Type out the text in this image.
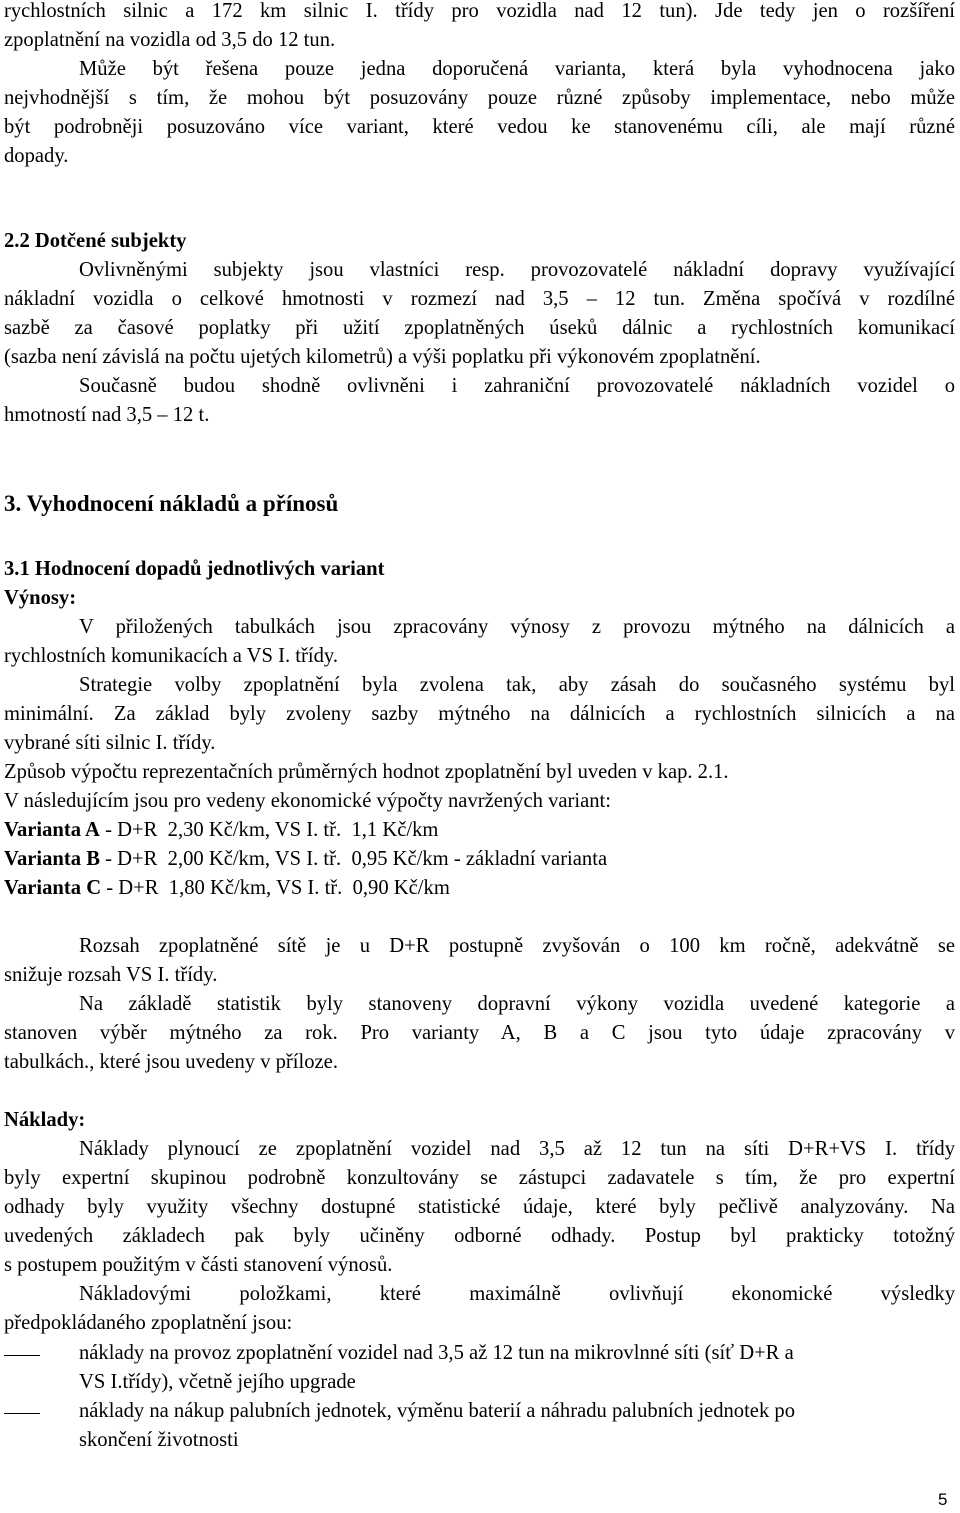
rychlostních silnic a 172 km silnic I. třídy pro vozidla nad 12 tun). Jde tedy jen o rozšíření
zpoplatnění na vozidla od 3,5 do 12 tun.
Může být řešena pouze jedna doporučená varianta, která byla vyhodnocena jako
nejvhodnější s tím, že mohou být posuzovány pouze různé způsoby implementace, nebo může
být podrobněji posuzováno více variant, které vedou ke stanovenému cíli, ale mají různé
dopady.
2.2 Dotčené subjekty
Ovlivněnými subjekty jsou vlastníci resp. provozovatelé nákladní dopravy využívající
nákladní vozidla o celkové hmotnosti v rozmezí nad 3,5 – 12 tun. Změna spočívá v rozdílné
sazbě za časové poplatky při užití zpoplatněných úseků dálnic a rychlostních komunikací
(sazba není závislá na počtu ujetých kilometrů) a výši poplatku při výkonovém zpoplatnění.
Současně budou shodně ovlivněni i zahraniční provozovatelé nákladních vozidel o
hmotností nad 3,5 – 12 t.
3. Vyhodnocení nákladů a přínosů
3.1 Hodnocení dopadů jednotlivých variant
Výnosy:
V přiložených tabulkách jsou zpracovány výnosy z provozu mýtného na dálnicích a
rychlostních komunikacích a VS I. třídy.
Strategie volby zpoplatnění byla zvolena tak, aby zásah do současného systému byl
minimální. Za základ byly zvoleny sazby mýtného na dálnicích a rychlostních silnicích a na
vybrané síti silnic I. třídy.
Způsob výpočtu reprezentačních průměrných hodnot zpoplatnění byl uveden v kap. 2.1.
V následujícím jsou pro vedeny ekonomické výpočty navržených variant:
Varianta A - D+R 2,30 Kč/km, VS I. tř. 1,1 Kč/km
Varianta B - D+R 2,00 Kč/km, VS I. tř. 0,95 Kč/km - základní varianta
Varianta C - D+R 1,80 Kč/km, VS I. tř. 0,90 Kč/km
Rozsah zpoplatněné sítě je u D+R postupně zvyšován o 100 km ročně, adekvátně se
snižuje rozsah VS I. třídy.
Na základě statistik byly stanoveny dopravní výkony vozidla uvedené kategorie a
stanoven výběr mýtného za rok. Pro varianty A, B a C jsou tyto údaje zpracovány v
tabulkách., které jsou uvedeny v příloze.
Náklady:
Náklady plynoucí ze zpoplatnění vozidel nad 3,5 až 12 tun na síti D+R+VS I. třídy
byly expertní skupinou podrobně konzultovány se zástupci zadavatele s tím, že pro expertní
odhady byly využity všechny dostupné statistické údaje, které byly pečlivě analyzovány. Na
uvedených základech pak byly učiněny odborné odhady. Postup byl prakticky totožný
s postupem použitým v části stanovení výnosů.
Nákladovými položkami, které maximálně ovlivňují ekonomické výsledky
předpokládaného zpoplatnění jsou:
náklady na provoz zpoplatnění vozidel nad 3,5 až 12 tun na mikrovlnné síti (síť D+R a
VS I.třídy), včetně jejího upgrade
náklady na nákup palubních jednotek, výměnu baterií a náhradu palubních jednotek po
skončení životnosti
5
